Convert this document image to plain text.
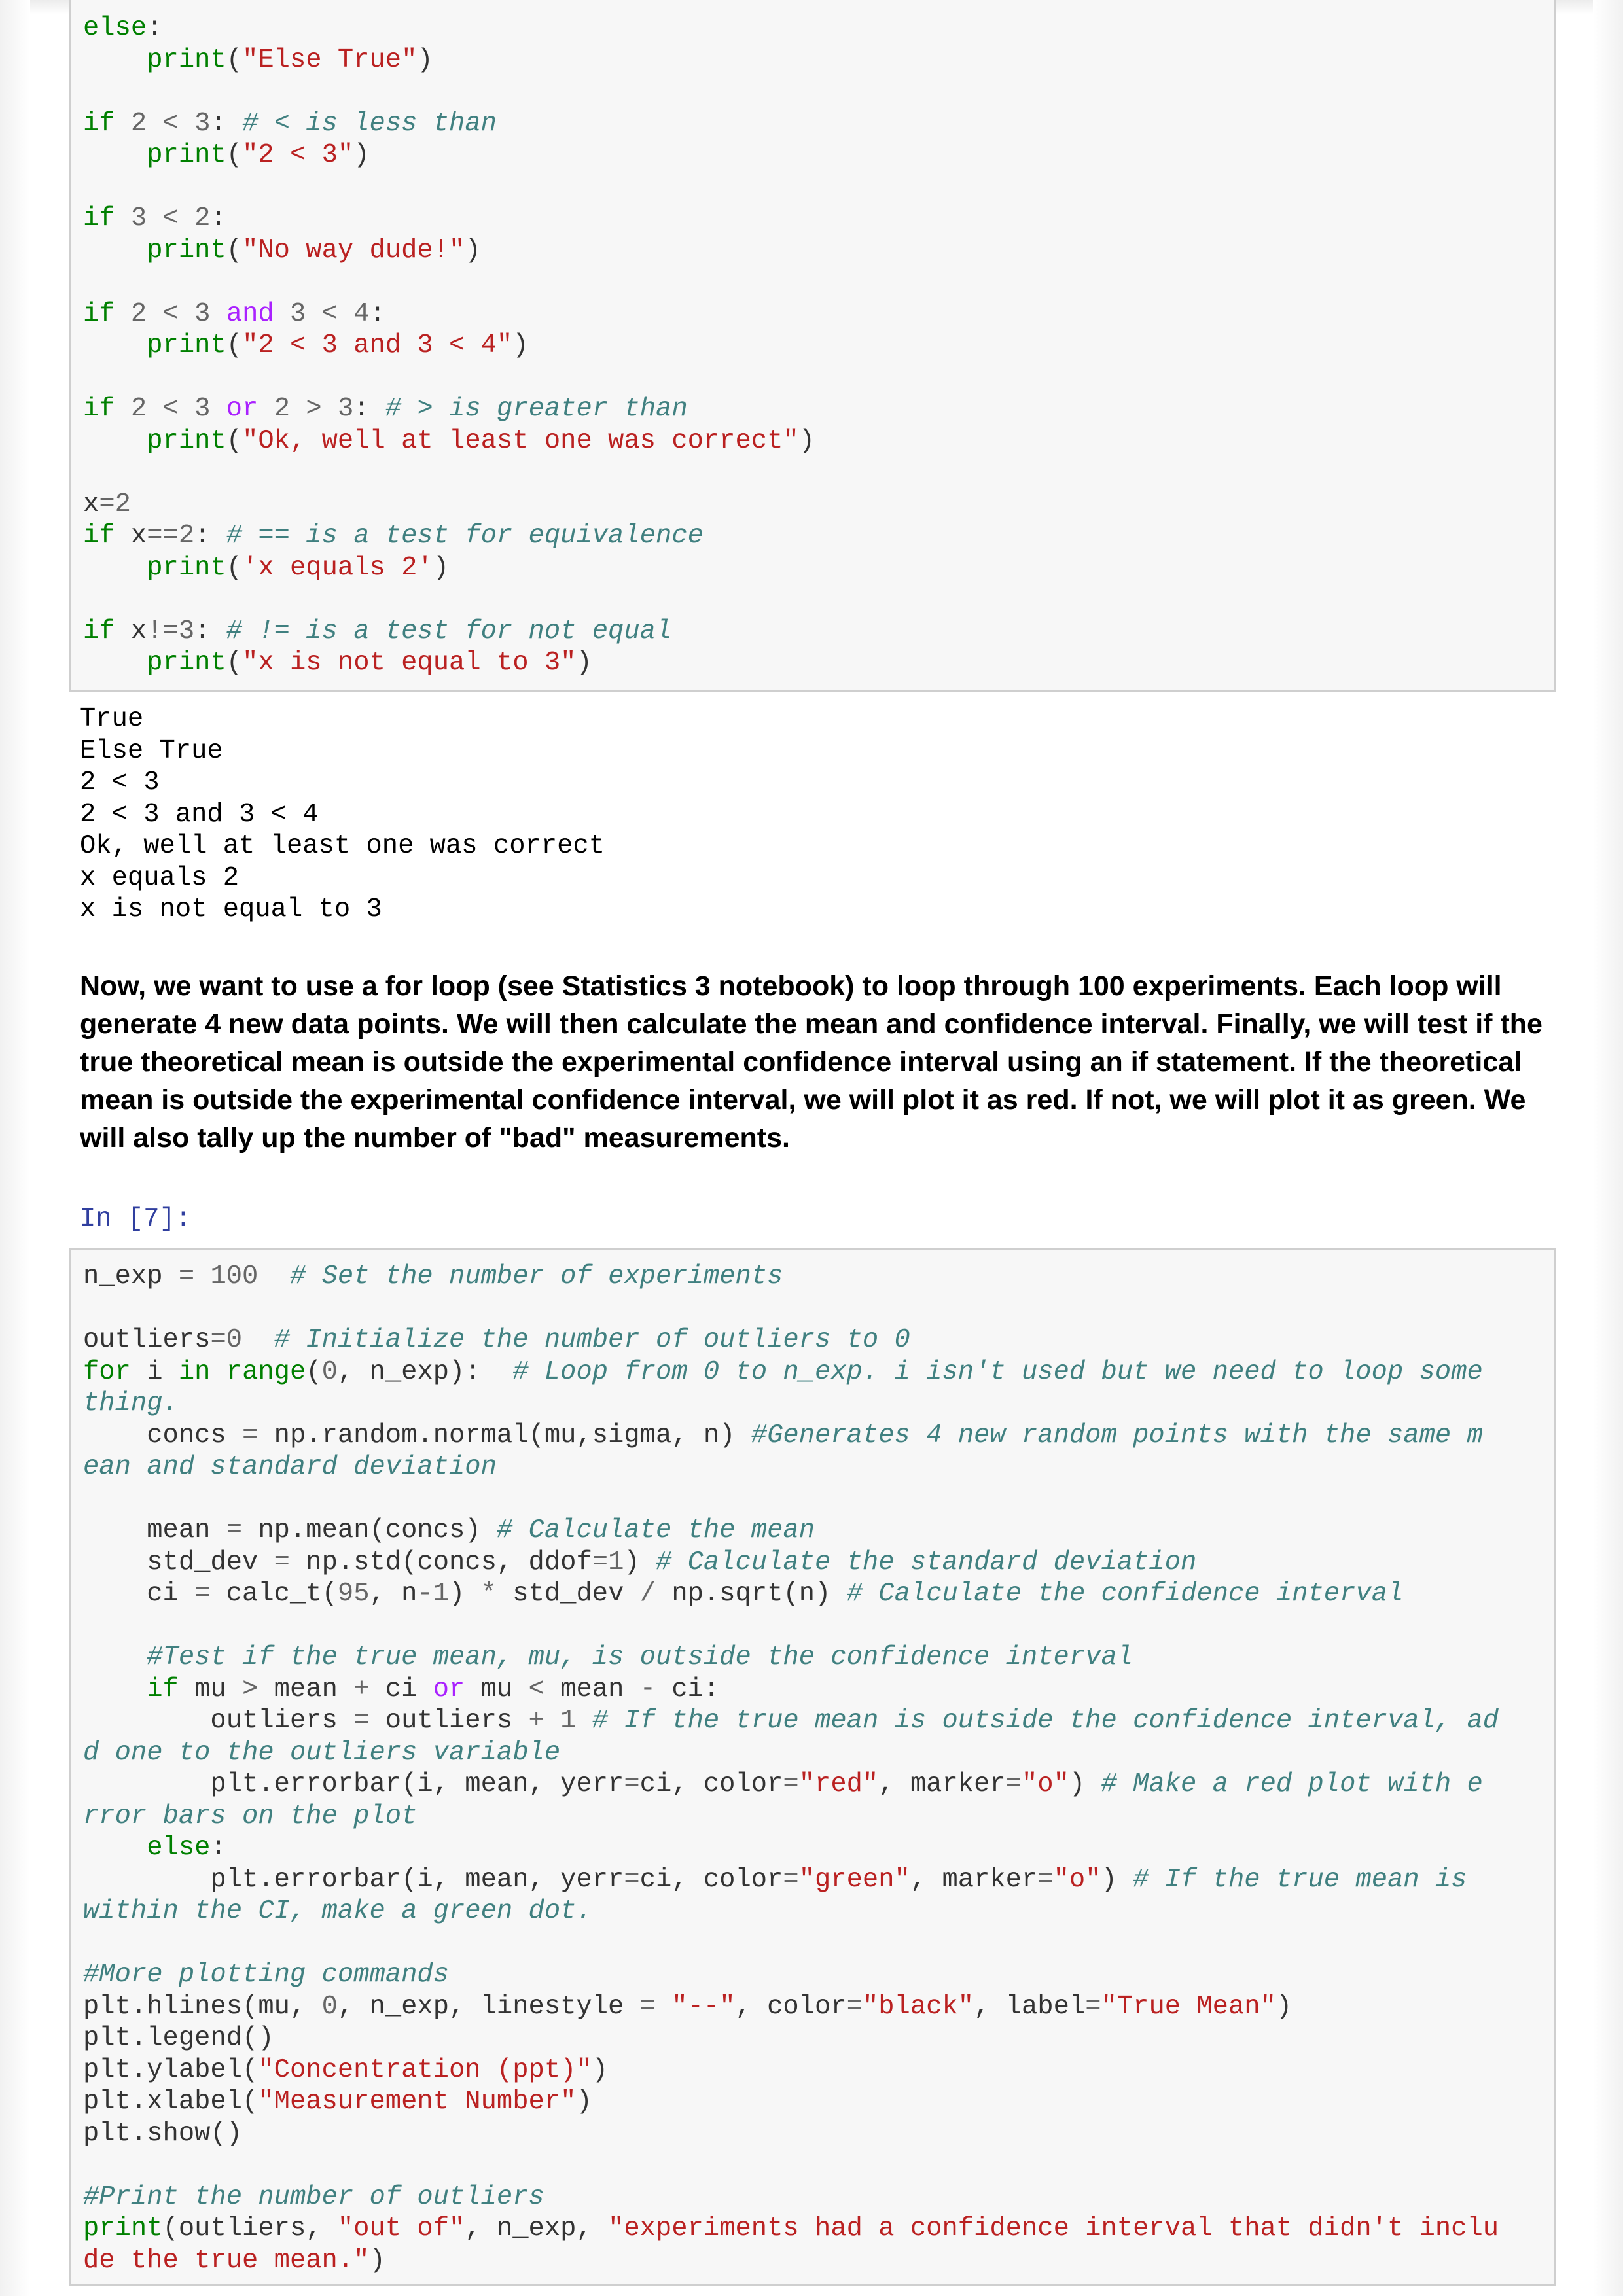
else:
print("Else True")

if 2 < 3: # < is less than
print("2 < 3")

if 3 < 2:
print("No way dude!")

if 2 < 3 and 3 < 4:
print("2 < 3 and 3 < 4")

if 2 < 3 or 2 > 3: # > is greater than
print("Ok, well at least one was correct")

x=2
if x==2: # == is a test for equivalence
print('x equals 2')

if x!=3: # != is a test for not equal
print("x is not equal to 3")
True
Else True
2 < 3
2 < 3 and 3 < 4
Ok, well at least one was correct
x equals 2
x is not equal to 3

Now, we want to use a for loop (see Statistics 3 notebook) to loop through 100 experiments. Each loop will generate 4 new data points. We will then calculate the mean and confidence interval. Finally, we will test if the true theoretical mean is outside the experimental confidence interval using an if statement. If the theoretical mean is outside the experimental confidence interval, we will plot it as red. If not, we will plot it as green. We will also tally up the number of "bad" measurements.

In [7]:
n_exp = 100 # Set the number of experiments

outliers=0 # Initialize the number of outliers to 0
for i in range(0, n_exp):  # Loop from 0 to n_exp. i isn't used but we need to loop some
thing.
concs = np.random.normal(mu,sigma, n) #Generates 4 new random points with the same m
ean and standard deviation

mean = np.mean(concs) # Calculate the mean
std_dev = np.std(concs, ddof=1) # Calculate the standard deviation
ci = calc_t(95, n-1) * std_dev / np.sqrt(n) # Calculate the confidence interval

#Test if the true mean, mu, is outside the confidence interval
if mu > mean + ci or mu < mean - ci:
outliers = outliers + 1 # If the true mean is outside the confidence interval, ad
d one to the outliers variable
plt.errorbar(i, mean, yerr=ci, color="red", marker="o") # Make a red plot with e
rror bars on the plot
else:
plt.errorbar(i, mean, yerr=ci, color="green", marker="o") # If the true mean is
within the CI, make a green dot.

#More plotting commands
plt.hlines(mu, 0, n_exp, linestyle = "--", color="black", label="True Mean")
plt.legend()
plt.ylabel("Concentration (ppt)")
plt.xlabel("Measurement Number")
plt.show()

#Print the number of outliers
print(outliers, "out of", n_exp, "experiments had a confidence interval that didn't inclu
de the true mean.")
